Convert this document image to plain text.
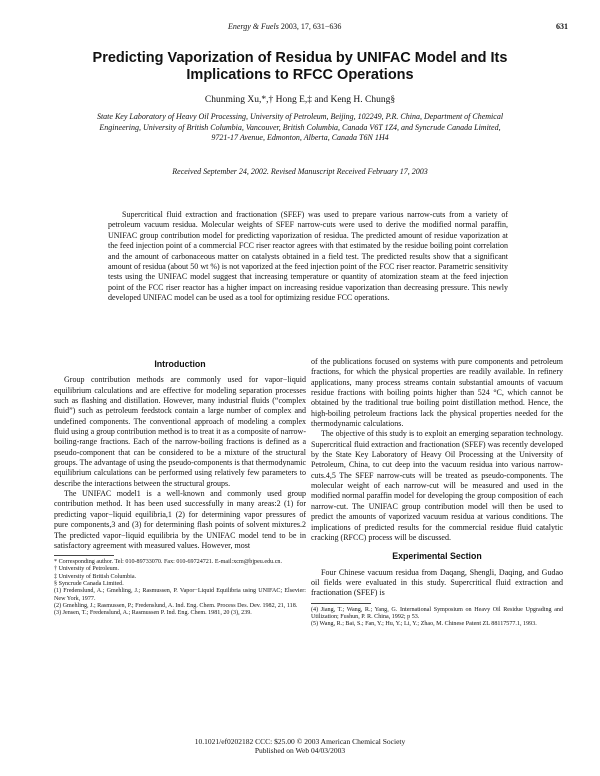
Energy & Fuels 2003, 17, 631−636	631
Predicting Vaporization of Residua by UNIFAC Model and Its Implications to RFCC Operations
Chunming Xu,*,† Hong E,‡ and Keng H. Chung§
State Key Laboratory of Heavy Oil Processing, University of Petroleum, Beijing, 102249, P.R. China, Department of Chemical Engineering, University of British Columbia, Vancouver, British Columbia, Canada V6T 1Z4, and Syncrude Canada Limited, 9721-17 Avenue, Edmonton, Alberta, Canada T6N 1H4
Received September 24, 2002. Revised Manuscript Received February 17, 2003
Supercritical fluid extraction and fractionation (SFEF) was used to prepare various narrow-cuts from a variety of petroleum vacuum residua. Molecular weights of SFEF narrow-cuts were used to derive the modified normal paraffin, UNIFAC group contribution model for predicting vaporization of residua. The predicted amount of residue vaporization at the feed injection point of a commercial FCC riser reactor agrees with that estimated by the residue boiling point correlation and the amount of carbonaceous matter on catalysts obtained in a field test. The predicted results show that a significant amount of residua (about 50 wt %) is not vaporized at the feed injection point of the FCC riser reactor. Parametric sensitivity tests using the UNIFAC model suggest that increasing temperature or quantity of atomization steam at the feed injection point of the FCC riser reactor has a higher impact on increasing residue vaporization than decreasing pressure. This newly developed UNIFAC model can be used as a tool for optimizing residue FCC operations.
Introduction

Group contribution methods are commonly used for vapor−liquid equilibrium calculations and are effective for modeling separation processes such as flashing and distillation. However, many industrial fluids (“complex fluid”) such as petroleum feedstock contain a large number of complex and undefined components. The conventional approach of modeling a complex fluid using a group contribution method is to treat it as a composite of narrow-boiling-range fractions. Each of the narrow-boiling fractions is defined as a pseudo-component that can be considered to be a mixture of the structural groups. The advantage of using the pseudo-components is that thermodynamic equilibrium calculations can be performed using relatively few parameters to describe the interactions between the structural groups.

The UNIFAC model1 is a well-known and commonly used group contribution method. It has been used successfully in many areas:2 (1) for predicting vapor−liquid equilibria,1 (2) for determining vapor pressures of pure components,3 and (3) for determining flash points of solvent mixtures.2 The predicted vapor−liquid equilibria by the UNIFAC model tend to be in satisfactory agreement with measured values. However, most

* Corresponding author. Tel: 010-89733070. Fax: 010-69724721. E-mail:xcm@bjpeu.edu.cn.

† University of Petroleum.

‡ University of British Columbia.

§ Syncrude Canada Limited.

(1) Fredenslund, A.; Gmehling, J.; Rasmussen, P. Vapor−Liquid Equilibria using UNIFAC; Elsevier: New York, 1977.

(2) Gmehling, J.; Rasmussen, P.; Fredenslund, A. Ind. Eng. Chem. Process Des. Dev. 1982, 21, 118.

(3) Jensen, T.; Fredenslund, A.; Rasmussen P. Ind. Eng. Chem. 1981, 20 (3), 239.

of the publications focused on systems with pure components and petroleum fractions, for which the physical properties are readily available. In refinery applications, many process streams contain substantial amounts of vacuum residue fractions with boiling points higher than 524 °C, which cannot be obtained by the traditional true boiling point distillation method. Hence, the high-boiling petroleum fractions lack the physical properties needed for the thermodynamic calculations.

The objective of this study is to exploit an emerging separation technology. Supercritical fluid extraction and fractionation (SFEF) was recently developed by the State Key Laboratory of Heavy Oil Processing at the University of Petroleum, China, to cut deep into the vacuum residua into various narrow-cuts.4,5 The SFEF narrow-cuts will be treated as pseudo-components. The molecular weight of each narrow-cut will be measured and used in the modified normal paraffin model for developing the group composition of each narrow-cut. The UNIFAC group contribution model will then be used to predict the amounts of vaporized vacuum residua at various conditions. The implications of predicted results for the commercial residue fluid catalytic cracking (RFCC) process will be discussed.

Experimental Section

Four Chinese vacuum residua from Daqang, Shengli, Daqing, and Gudao oil fields were evaluated in this study. Supercritical fluid extraction and fractionation (SFEF) is

(4) Jiang, T.; Wang, R.; Yang, G. International Symposium on Heavy Oil Residue Upgrading and Utilization; Fushun, P. R. China, 1992; p 53.

(5) Wang, R.; Bai, S.; Fan, Y.; Hu, Y.; Li, Y.; Zhao, M. Chinese Patent ZL 88117577.1, 1993.

10.1021/ef0202182 CCC: $25.00 © 2003 American Chemical Society
Published on Web 04/03/2003
